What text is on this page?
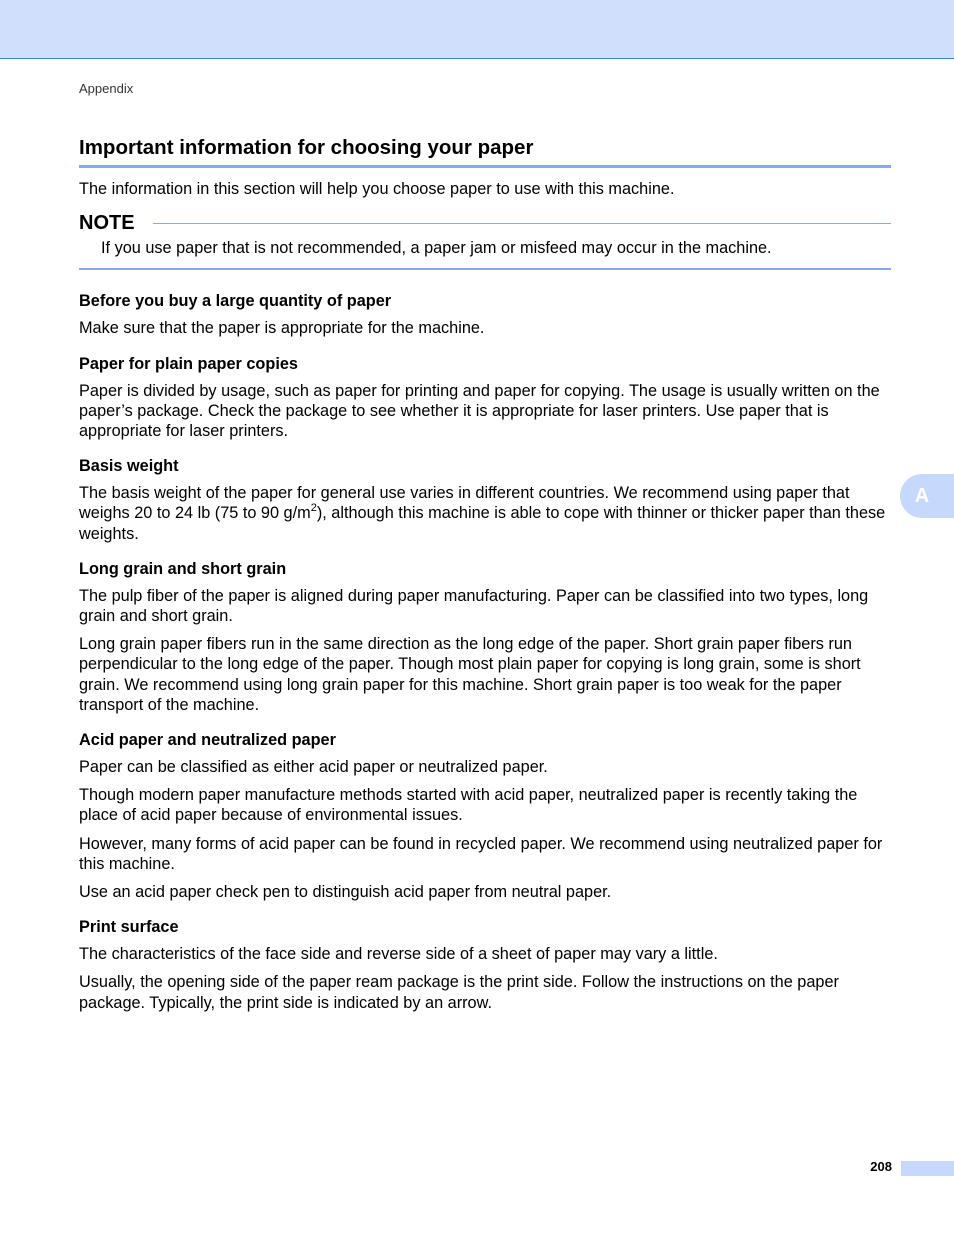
Appendix
Important information for choosing your paper

The information in this section will help you choose paper to use with this machine.

NOTE

If you use paper that is not recommended, a paper jam or misfeed may occur in the machine.

Before you buy a large quantity of paper

Make sure that the paper is appropriate for the machine.

Paper for plain paper copies

Paper is divided by usage, such as paper for printing and paper for copying. The usage is usually written on the paper’s package. Check the package to see whether it is appropriate for laser printers. Use paper that is appropriate for laser printers.

Basis weight

The basis weight of the paper for general use varies in different countries. We recommend using paper that weighs 20 to 24 lb (75 to 90 $g/m^2$), although this machine is able to cope with thinner or thicker paper than these weights.

Long grain and short grain

The pulp fiber of the paper is aligned during paper manufacturing. Paper can be classified into two types, long grain and short grain.

Long grain paper fibers run in the same direction as the long edge of the paper. Short grain paper fibers run perpendicular to the long edge of the paper. Though most plain paper for copying is long grain, some is short grain. We recommend using long grain paper for this machine. Short grain paper is too weak for the paper transport of the machine.

Acid paper and neutralized paper

Paper can be classified as either acid paper or neutralized paper.

Though modern paper manufacture methods started with acid paper, neutralized paper is recently taking the place of acid paper because of environmental issues.

However, many forms of acid paper can be found in recycled paper. We recommend using neutralized paper for this machine.

Use an acid paper check pen to distinguish acid paper from neutral paper.

Print surface

The characteristics of the face side and reverse side of a sheet of paper may vary a little.

Usually, the opening side of the paper ream package is the print side. Follow the instructions on the paper package. Typically, the print side is indicated by an arrow.

A
208
